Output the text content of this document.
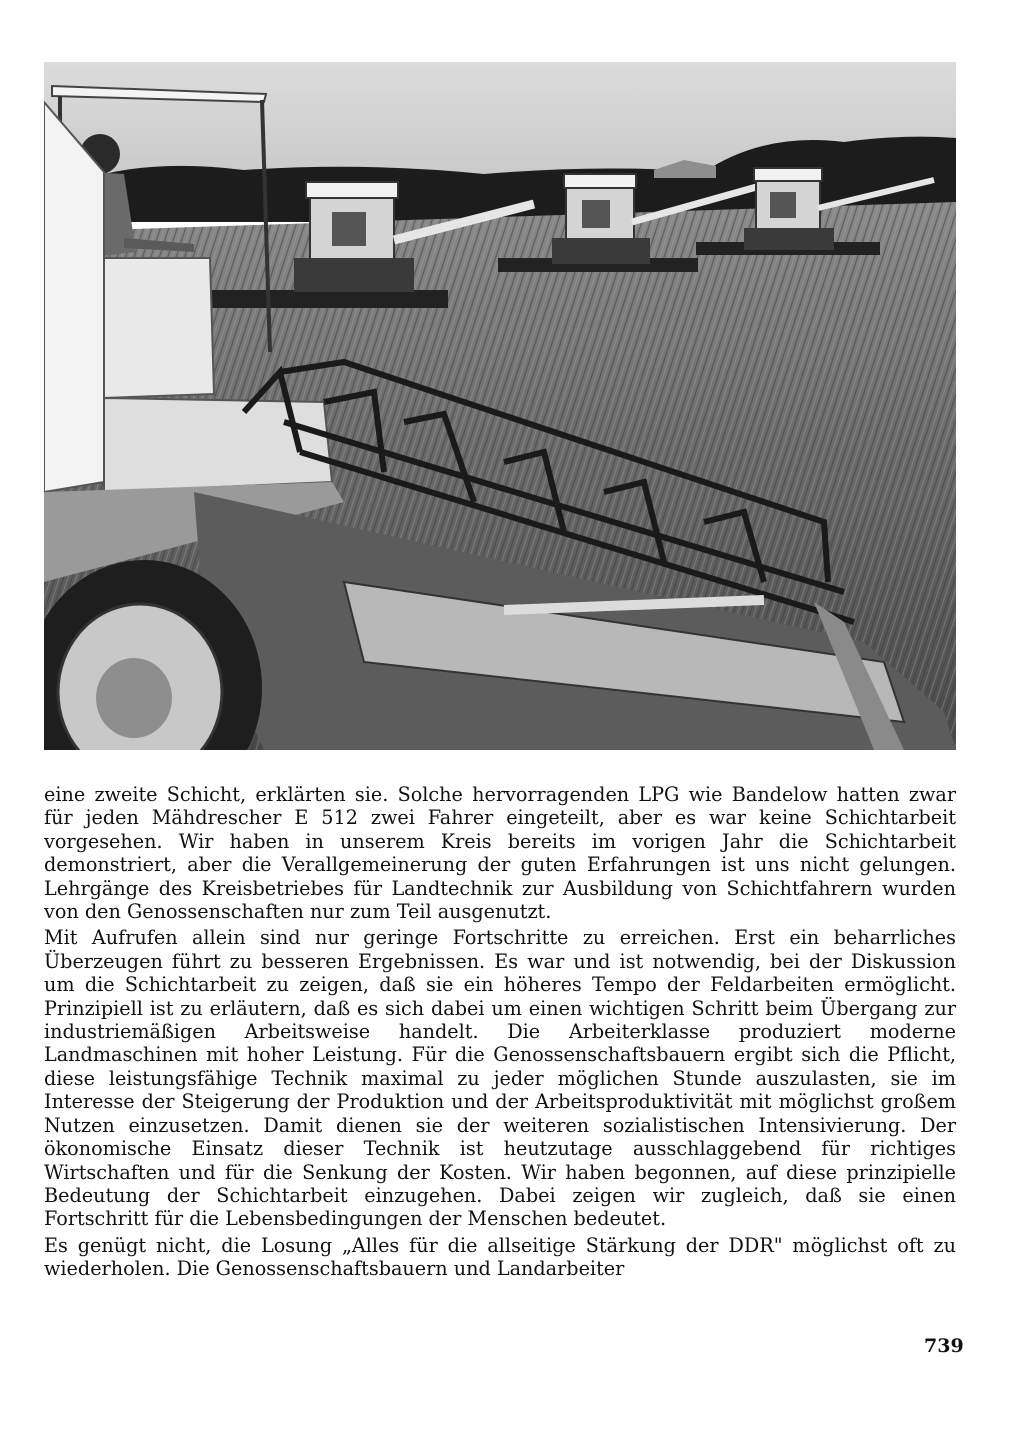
eine zweite Schicht, erklärten sie. Solche hervorragenden LPG wie Bandelow hatten zwar für jeden Mähdrescher E 512 zwei Fahrer eingeteilt, aber es war keine Schichtarbeit vorgesehen. Wir haben in unserem Kreis bereits im vorigen Jahr die Schichtarbeit demonstriert, aber die Verallgemeinerung der guten Erfahrungen ist uns nicht gelungen. Lehrgänge des Kreisbetriebes für Landtechnik zur Ausbildung von Schichtfahrern wurden von den Genossenschaften nur zum Teil ausgenutzt.

Mit Aufrufen allein sind nur geringe Fortschritte zu erreichen. Erst ein beharrliches Überzeugen führt zu besseren Ergebnissen. Es war und ist notwendig, bei der Diskussion um die Schichtarbeit zu zeigen, daß sie ein höheres Tempo der Feldarbeiten ermöglicht. Prinzipiell ist zu erläutern, daß es sich dabei um einen wichtigen Schritt beim Übergang zur industriemäßigen Arbeitsweise handelt. Die Arbeiterklasse produziert moderne Landmaschinen mit hoher Leistung. Für die Genossenschaftsbauern ergibt sich die Pflicht, diese leistungsfähige Technik maximal zu jeder möglichen Stunde auszulasten, sie im Interesse der Steigerung der Produktion und der Arbeitsproduktivität mit möglichst großem Nutzen einzusetzen. Damit dienen sie der weiteren sozialistischen Intensivierung. Der ökonomische Einsatz dieser Technik ist heutzutage ausschlaggebend für richtiges Wirtschaften und für die Senkung der Kosten. Wir haben begonnen, auf diese prinzipielle Bedeutung der Schichtarbeit einzugehen. Dabei zeigen wir zugleich, daß sie einen Fortschritt für die Lebensbedingungen der Menschen bedeutet.

Es genügt nicht, die Losung „Alles für die allseitige Stärkung der DDR" möglichst oft zu wiederholen. Die Genossenschaftsbauern und Landarbeiter

739
